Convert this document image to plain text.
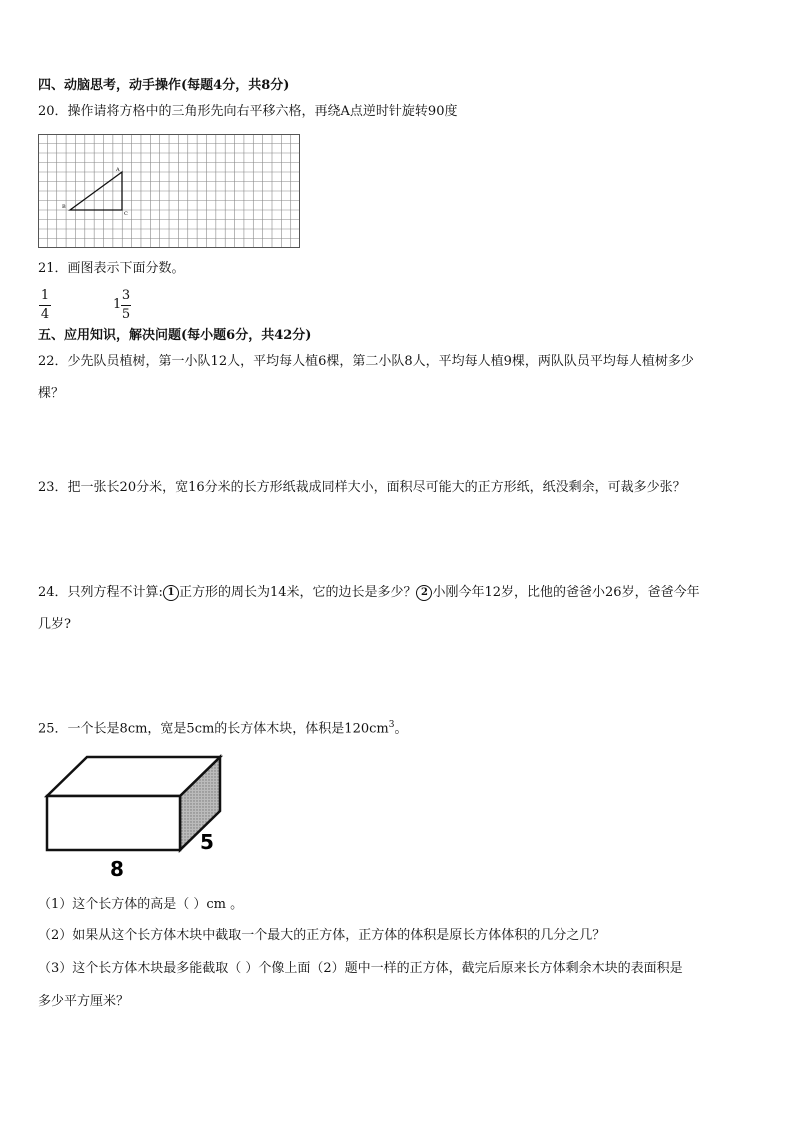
四、动脑思考，动手操作(每题4分，共8分)
20．操作请将方格中的三角形先向右平移六格，再绕A点逆时针旋转90度
A
B
C
21．画图表示下面分数。
1
4
1
3
5
五、应用知识，解决问题(每小题6分，共42分)
22．少先队员植树，第一小队12人，平均每人植6棵，第二小队8人，平均每人植9棵，两队队员平均每人植树多少
棵？
23．把一张长20分米，宽16分米的长方形纸裁成同样大小，面积尽可能大的正方形纸，纸没剩余，可裁多少张？
24．只列方程不计算: 1 正方形的周长为14米，它的边长是多少？ 2 小刚今年12岁，比他的爸爸小26岁，爸爸今年
几岁?
25．一个长是8cm，宽是5cm的长方体木块，体积是$120cm^3$。
5
8
（1）这个长方体的高是（ ）cm 。
（2）如果从这个长方体木块中截取一个最大的正方体，正方体的体积是原长方体体积的几分之几？
（3）这个长方体木块最多能截取（ ）个像上面（2）题中一样的正方体，截完后原来长方体剩余木块的表面积是
多少平方厘米？
